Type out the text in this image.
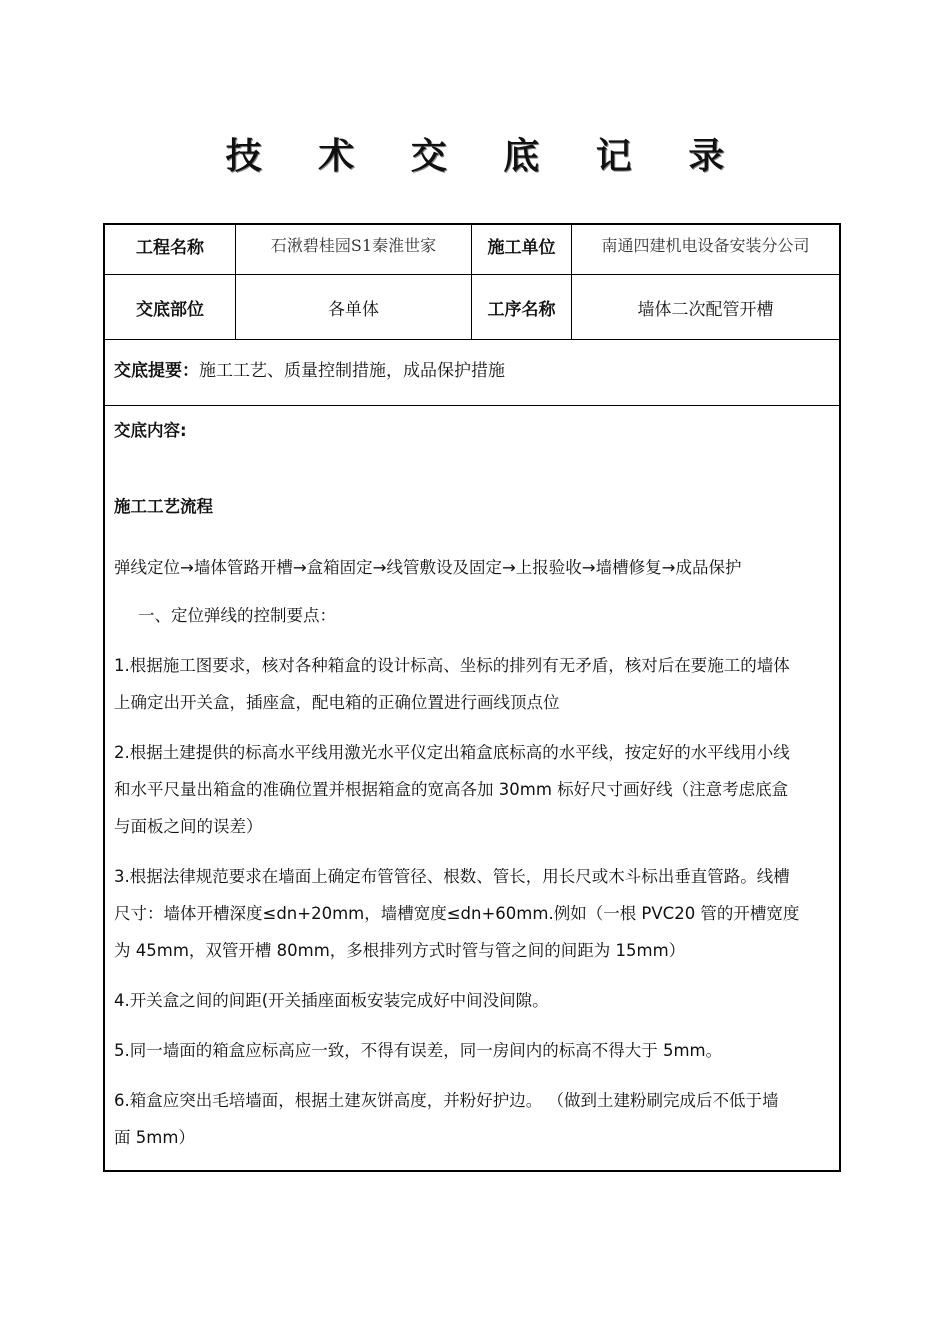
技 术 交 底 记 录
工程名称	石湫碧桂园S1秦淮世家	施工单位	南通四建机电设备安装分公司
交底部位	各单体	工序名称	墙体二次配管开槽
交底提要：施工工艺、质量控制措施，成品保护措施
交底内容:
施工工艺流程
弹线定位→墙体管路开槽→盒箱固定→线管敷设及固定→上报验收→墙槽修复→成品保护
一、定位弹线的控制要点：
1.根据施工图要求，核对各种箱盒的设计标高、坐标的排列有无矛盾，核对后在要施工的墙体
上确定出开关盒，插座盒，配电箱的正确位置进行画线顶点位
2.根据土建提供的标高水平线用激光水平仪定出箱盒底标高的水平线，按定好的水平线用小线
和水平尺量出箱盒的准确位置并根据箱盒的宽高各加 30mm 标好尺寸画好线（注意考虑底盒
与面板之间的误差）
3.根据法律规范要求在墙面上确定布管管径、根数、管长，用长尺或木斗标出垂直管路。线槽
尺寸：墙体开槽深度≤dn+20mm，墙槽宽度≤dn+60mm.例如（一根 PVC20 管的开槽宽度
为 45mm，双管开槽 80mm，多根排列方式时管与管之间的间距为 15mm）
4.开关盒之间的间距(开关插座面板安装完成好中间没间隙。
5.同一墙面的箱盒应标高应一致，不得有误差，同一房间内的标高不得大于 5mm。
6.箱盒应突出毛培墙面，根据土建灰饼高度，并粉好护边。 （做到土建粉刷完成后不低于墙
面 5mm）
